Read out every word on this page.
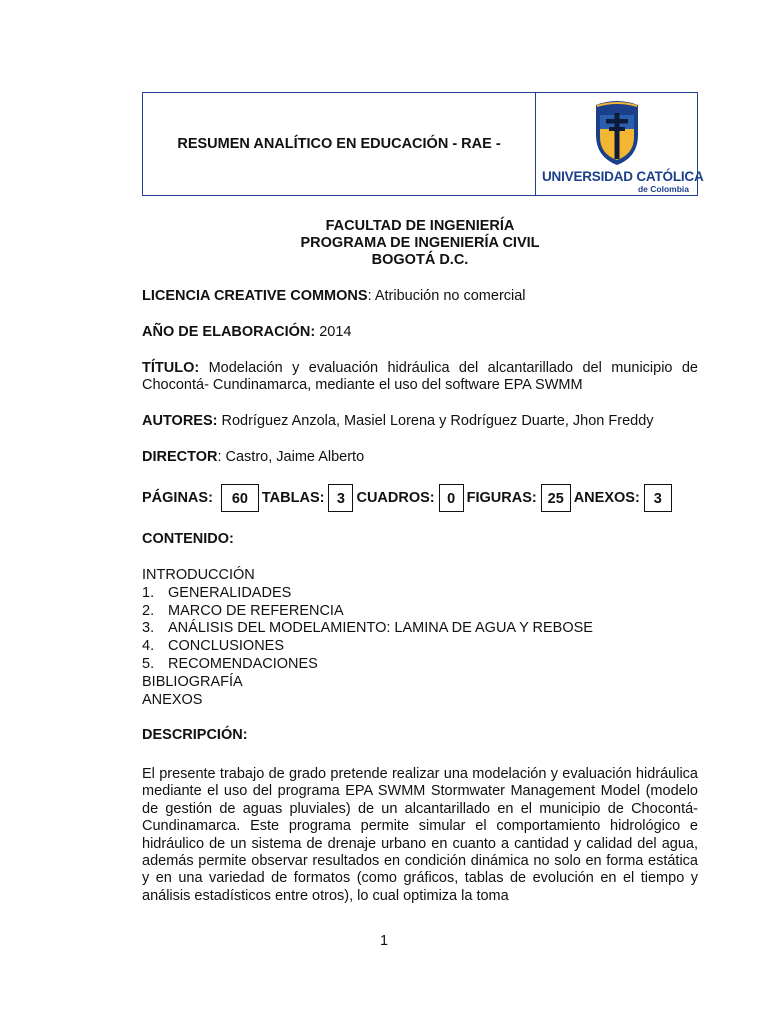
RESUMEN ANALÍTICO EN EDUCACIÓN - RAE -
UNIVERSIDAD CATÓLICA
de Colombia
FACULTAD DE INGENIERÍA
PROGRAMA DE INGENIERÍA CIVIL
BOGOTÁ D.C.
LICENCIA CREATIVE COMMONS: Atribución no comercial
AÑO DE ELABORACIÓN: 2014
TÍTULO: Modelación y evaluación hidráulica del alcantarillado del municipio de Chocontá- Cundinamarca, mediante el uso del software EPA SWMM
AUTORES: Rodríguez Anzola, Masiel Lorena y Rodríguez Duarte, Jhon Freddy
DIRECTOR: Castro, Jaime Alberto
PÁGINAS:	60 TABLAS: 3 CUADROS: 0 FIGURAS: 25 ANEXOS: 3
CONTENIDO:
INTRODUCCIÓN
1. GENERALIDADES
2. MARCO DE REFERENCIA
3. ANÁLISIS DEL MODELAMIENTO: LAMINA DE AGUA Y REBOSE
4. CONCLUSIONES
5. RECOMENDACIONES
BIBLIOGRAFÍA
ANEXOS
DESCRIPCIÓN:
El presente trabajo de grado pretende realizar una modelación y evaluación hidráulica mediante el uso del programa EPA SWMM Stormwater Management Model (modelo de gestión de aguas pluviales) de un alcantarillado en el municipio de Chocontá-Cundinamarca. Este programa permite simular el comportamiento hidrológico e hidráulico de un sistema de drenaje urbano en cuanto a cantidad y calidad del agua, además permite observar resultados en condición dinámica no solo en forma estática y en una variedad de formatos (como gráficos, tablas de evolución en el tiempo y análisis estadísticos entre otros), lo cual optimiza la toma
1
